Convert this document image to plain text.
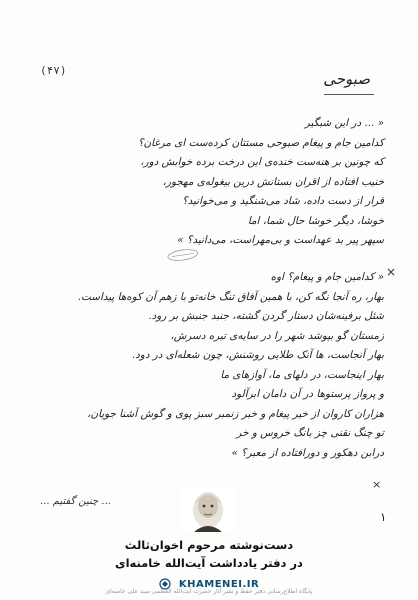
(۴۷)	صبوحی
« ... در این شبگیر
کدامین جام و پیغام صبوحی مستتان کرده‌ست ای مرغان؟
که چونین بر هنه‌ست خنده‌ی این درخت برده خوابش دور،
خنیب افتاده از اقران بستانش درین بیغوله‌ی مهجور،
قرار از دست داده، شاد می‌شنگید و می‌خوانید؟
خوشا، دیگر خوشا حال شما، اما
سپهر پیر بد عهداست و بی‌مهراست، می‌دانید؟ »
×
« کدامین جام و پیغام؟ اوه
بهار، ره آنجا نگه کن، با همین آفاق تنگ خانه‌تو با زهم آن کوه‌ها پیداست.
شئل برفینه‌شان دستار گردن گشته، جنبد جنبش بر رود.
زمستان گو بپوشد شهر را در سایه‌ی تیره دسرش،
بهار آنجاست، ها آنک طلایی روشنش، چون شعله‌ای در دود.
بهار اینجاست، در دلهای ما، آوازهای ما
و پرواز پرستوها در آن دامان ابرآلود
هزاران کاروان از خیر پیغام و خبر زنمبر سبز پوی و گوش آشنا جویان،
تو چنگ نقنی چز بانگ خروس و خر
درابن دهکور و دورافتاده از معبر؟ »
×
... چنین گفتیم ...
۱
دست‌نوشته مرحوم اخوان‌ثالث
در دفتر یادداشت آیت‌الله خامنه‌ای
KHAMENEI.IR
پایگاه اطلاع‌رسانی دفتر حفظ و نشر آثار حضرت آیت‌الله العظمی سید علی خامنه‌ای
